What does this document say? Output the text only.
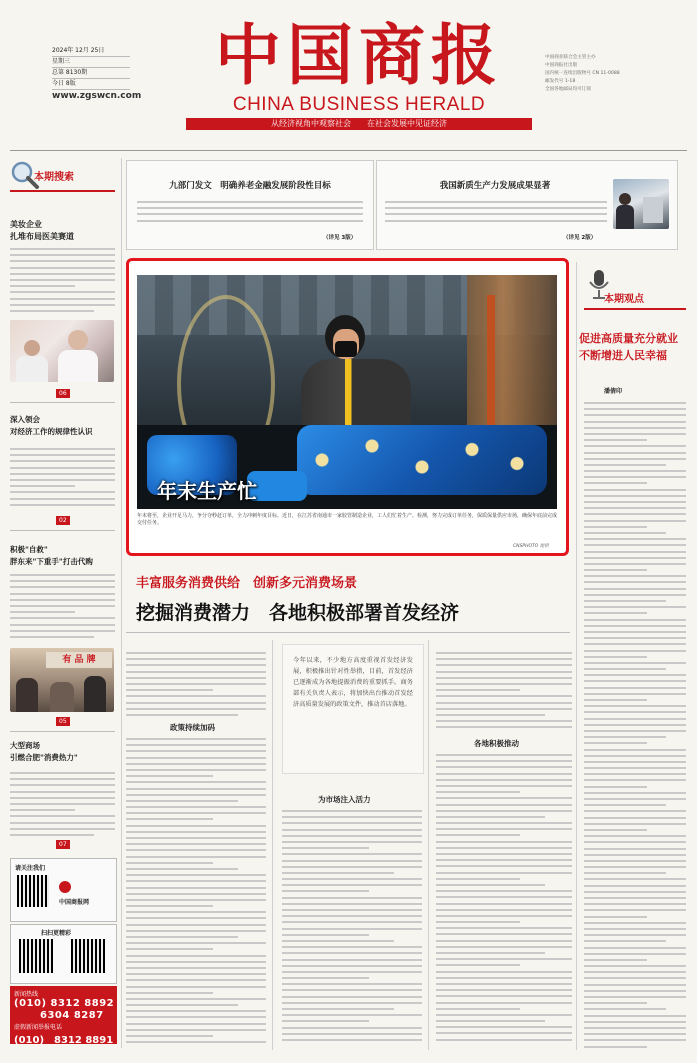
2024年 12月 25日
星期三
总第 8130期
今日 8版
www.zgswcn.com
中国商报
CHINA BUSINESS HERALD
从经济视角中观察社会　　在社会发展中见证经济
中国商业联合会主管主办
中国商报社出版
国内统一连续出版物号 CN 11-0088
邮发代号 1-18
全国各地邮局均可订阅
本期搜索
美妆企业
扎堆布局医美赛道
06
深入领会
对经济工作的规律性认识
02
积极"自救"
胖东来"下重手"打击代购
有 品 牌
05
大型商场
引燃合肥"消费热力"
07
请关注我们
中国商报网
扫扫更精彩
新闻热线
(010) 8312 8892
6304 8287
虚假新闻举报电话
(010)　8312 8891
九部门发文　 明确养老金融发展阶段性目标
（详见 3版）
我国新质生产力发展成果显著
（详见 2版）
年末生产忙
年末将至，企业开足马力，争分夺秒赶订单，全力冲刺年度目标。近日，在江苏省南通市一家胶管制造企业，工人们忙着生产、检测，努力完成订单任务，保质保量供应市场，确保年底前完成交付任务。
CNSPHOTO 提供
本期观点
促进高质量充分就业
不断增进人民幸福
潘倩印
丰富服务消费供给　创新多元消费场景
挖掘消费潜力　各地积极部署首发经济
政策持续加码
今年以来，不少地方高度重视首发经济发展，积极推出针对性举措，目前，首发经济已逐渐成为各地提振消费的重要抓手。商务部有关负责人表示，将加快出台推动首发经济高质量发展的政策文件，推动首店落地。
为市场注入活力
各地积极推动
